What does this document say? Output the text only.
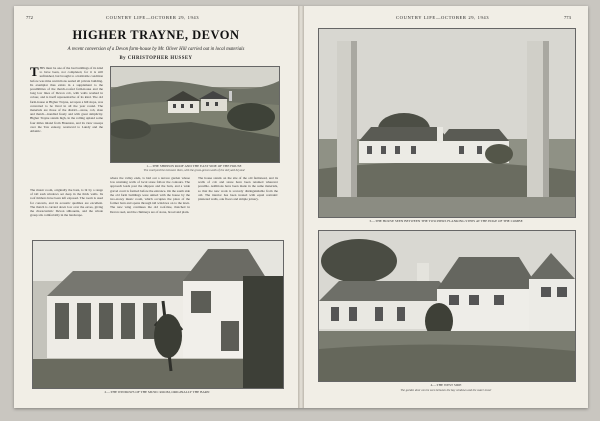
772	COUNTRY LIFE—OCTOBER 29, 1943
HIGHER TRAYNE, DEVON
A recent conversion of a Devon farm-house by Mr. Oliver Hill carried out in local materials
By CHRISTOPHER HUSSEY
THIS must be one of the last buildings of its kind to have been, not completed, for it is still unfinished, but brought to a habitable condition before war-time restrictions sealed all private building. Its exemplar thus exists in a supplement to the possibilities of the thatch-roofed farm-house and the long low lines of Devon cob, with walls washed in colour, and is itself representative of its kind. The old farm-house at Higher Trayne, set upon a hill slope, was converted to be lived in all the year round. The materials are those of the district—stone, cob, slate and thatch—handled freely and with great simplicity. Higher Trayne stands high, in the rolling upland some four miles inland from Braunton, and its view sweeps over the Taw estuary, westward to Lundy and the Atlantic.
1.—THE SHIPPON ROOF AND THE EAST SIDE OF THE HOUSE
The courtyard lies between them, with the grass-grown walls of the old yard beyond
where the valley ends, is laid out a terrace garden whose low retaining walls of local stone follow the contours. The approach leads past the shippon and the barn, and a wide gravel court is formed before the entrance. On the south side the old farm buildings were united with the house by the two-storey music room, which occupies the place of the former barn and opens through tall windows on to the lawn. The new wing continues the old roof-line, thatched in Devon reed, and the chimneys are of stone, broad and plain.
The house stands on the site of the old farmstead, and its walls of cob and stone have been retained wherever possible. Additions have been made in the same materials, so that the new work is scarcely distinguishable from the old. The interior has been treated with equal restraint: plastered walls, oak floors and simple joinery.
The music room, originally the barn, is lit by a range of tall sash windows set deep in the thick walls. Its roof timbers have been left exposed. The room is used for concerts, and its acoustic qualities are excellent. The thatch is carried down low over the eaves, giving the characteristic Devon silhouette, and the whole group sits comfortably in the landscape.
2.—THE WINDOWS OF THE MUSIC ROOM, ORIGINALLY THE BARN
COUNTRY LIFE—OCTOBER 29, 1943	773
3.—THE HOUSE SEEN BETWEEN THE TWO PIERS FLANKING STEPS AT THE EDGE OF THE COMBE
4.—THE WEST SIDE
The garden door can be seen between the bay windows and the water tower
